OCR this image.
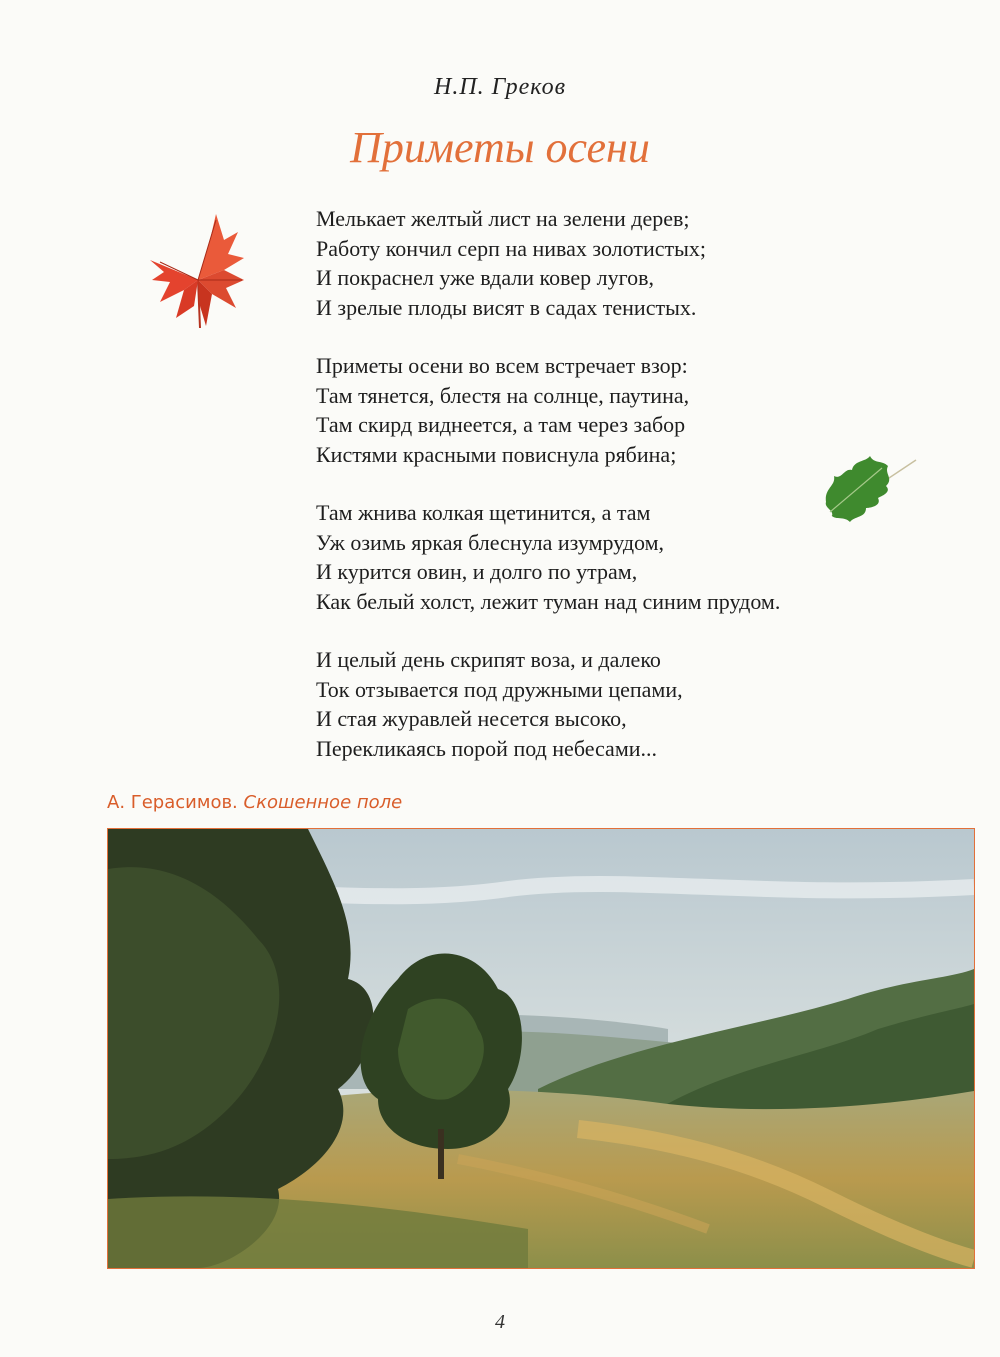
Н.П. Греков
Приметы осени
Мелькает желтый лист на зелени дерев;
Работу кончил серп на нивах золотистых;
И покраснел уже вдали ковер лугов,
И зрелые плоды висят в садах тенистых.
Приметы осени во всем встречает взор:
Там тянется, блестя на солнце, паутина,
Там скирд виднеется, а там через забор
Кистями красными повиснула рябина;
Там жнива колкая щетинится, а там
Уж озимь яркая блеснула изумрудом,
И курится овин, и долго по утрам,
Как белый холст, лежит туман над синим прудом.
И целый день скрипят воза, и далеко
Ток отзывается под дружными цепами,
И стая журавлей несется высоко,
Перекликаясь порой под небесами...
А. Герасимов. Скошенное поле
4
